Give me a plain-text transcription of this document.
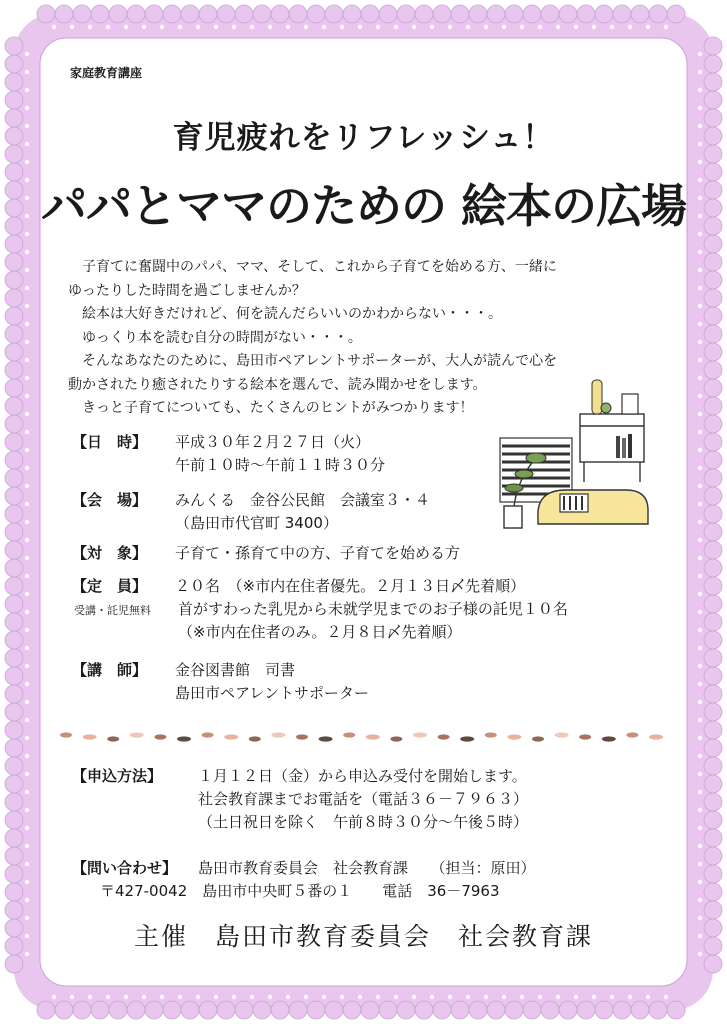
家庭教育講座
育児疲れをリフレッシュ！
パパとママのための 絵本の広場
　子育てに奮闘中のパパ、ママ、そして、これから子育てを始める方、一緒に
ゆったりした時間を過ごしませんか？
　絵本は大好きだけれど、何を読んだらいいのかわからない・・・。
　ゆっくり本を読む自分の時間がない・・・。
　そんなあなたのために、島田市ペアレントサポーターが、大人が読んで心を
動かされたり癒されたりする絵本を選んで、読み聞かせをします。
　きっと子育てについても、たくさんのヒントがみつかります！
【日　時】 平成３０年２月２７日（火）
午前１０時～午前１１時３０分
【会　場】 みんくる　金谷公民館　会議室３・４
（島田市代官町 3400）
【対　象】 子育て・孫育て中の方、子育てを始める方
【定　員】 ２０名　（※市内在住者優先。２月１３日〆先着順）
受講・託児無料 首がすわった乳児から未就学児までのお子様の託児１０名
（※市内在住者のみ。２月８日〆先着順）
【講　師】 金谷図書館　司書
島田市ペアレントサポーター
【申込方法】 １月１２日（金）から申込み受付を開始します。
社会教育課までお電話を（電話３６－７９６３）
（土日祝日を除く　午前８時３０分～午後５時）
【問い合わせ】 島田市教育委員会　社会教育課　　（担当：原田）
〒427-0042　島田市中央町５番の１　　電話　36－7963
主催　島田市教育委員会　社会教育課
